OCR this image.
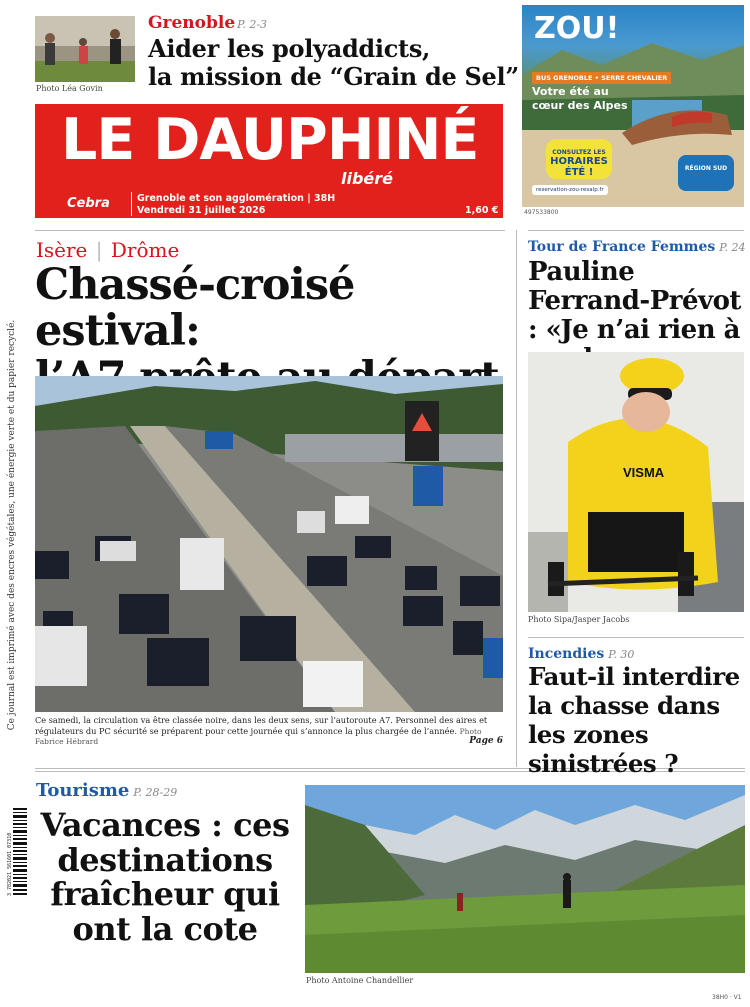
Ce journal est imprimé avec des encres végétales, une énergie verte et du papier recyclé.
Photo Léa Govin
Grenoble P. 2-3
Aider les polyaddicts,
la mission de “Grain de Sel”
LE DAUPHINÉ
libéré
Cebra	Grenoble et son agglomération | 38H
Vendredi 31 juillet 2026	1,60 €
ZOU!
BUS GRENOBLE • SERRE CHEVALIER
Votre été au cœur des Alpes
CONSULTEZ LES
HORAIRES ÉTÉ !	RÉGION SUD
reservation-zou-resalp.fr
497533800
Isère | Drôme
Chassé-croisé estival:
Ce samedi, la circulation va être classée noire, dans les deux sens, sur l’autoroute A7. Personnel des aires et régulateurs du PC sécurité se préparent pour cette journée qui s’annonce la plus chargée de l’année. Photo Fabrice Hébrard	Page 6
Tour de France Femmes P. 24
Pauline Ferrand-Prévot : «Je n’ai rien à
VISMA
Photo Sipa/Jasper Jacobs
Incendies P. 30
Faut-il interdire la chasse dans les zones sinistrées ?
Tourisme P. 28-29
Vacances : ces destinations fraîcheur qui ont la cote
Photo Antoine Chandellier
3 782021 561601 07310
38H0 · V1
